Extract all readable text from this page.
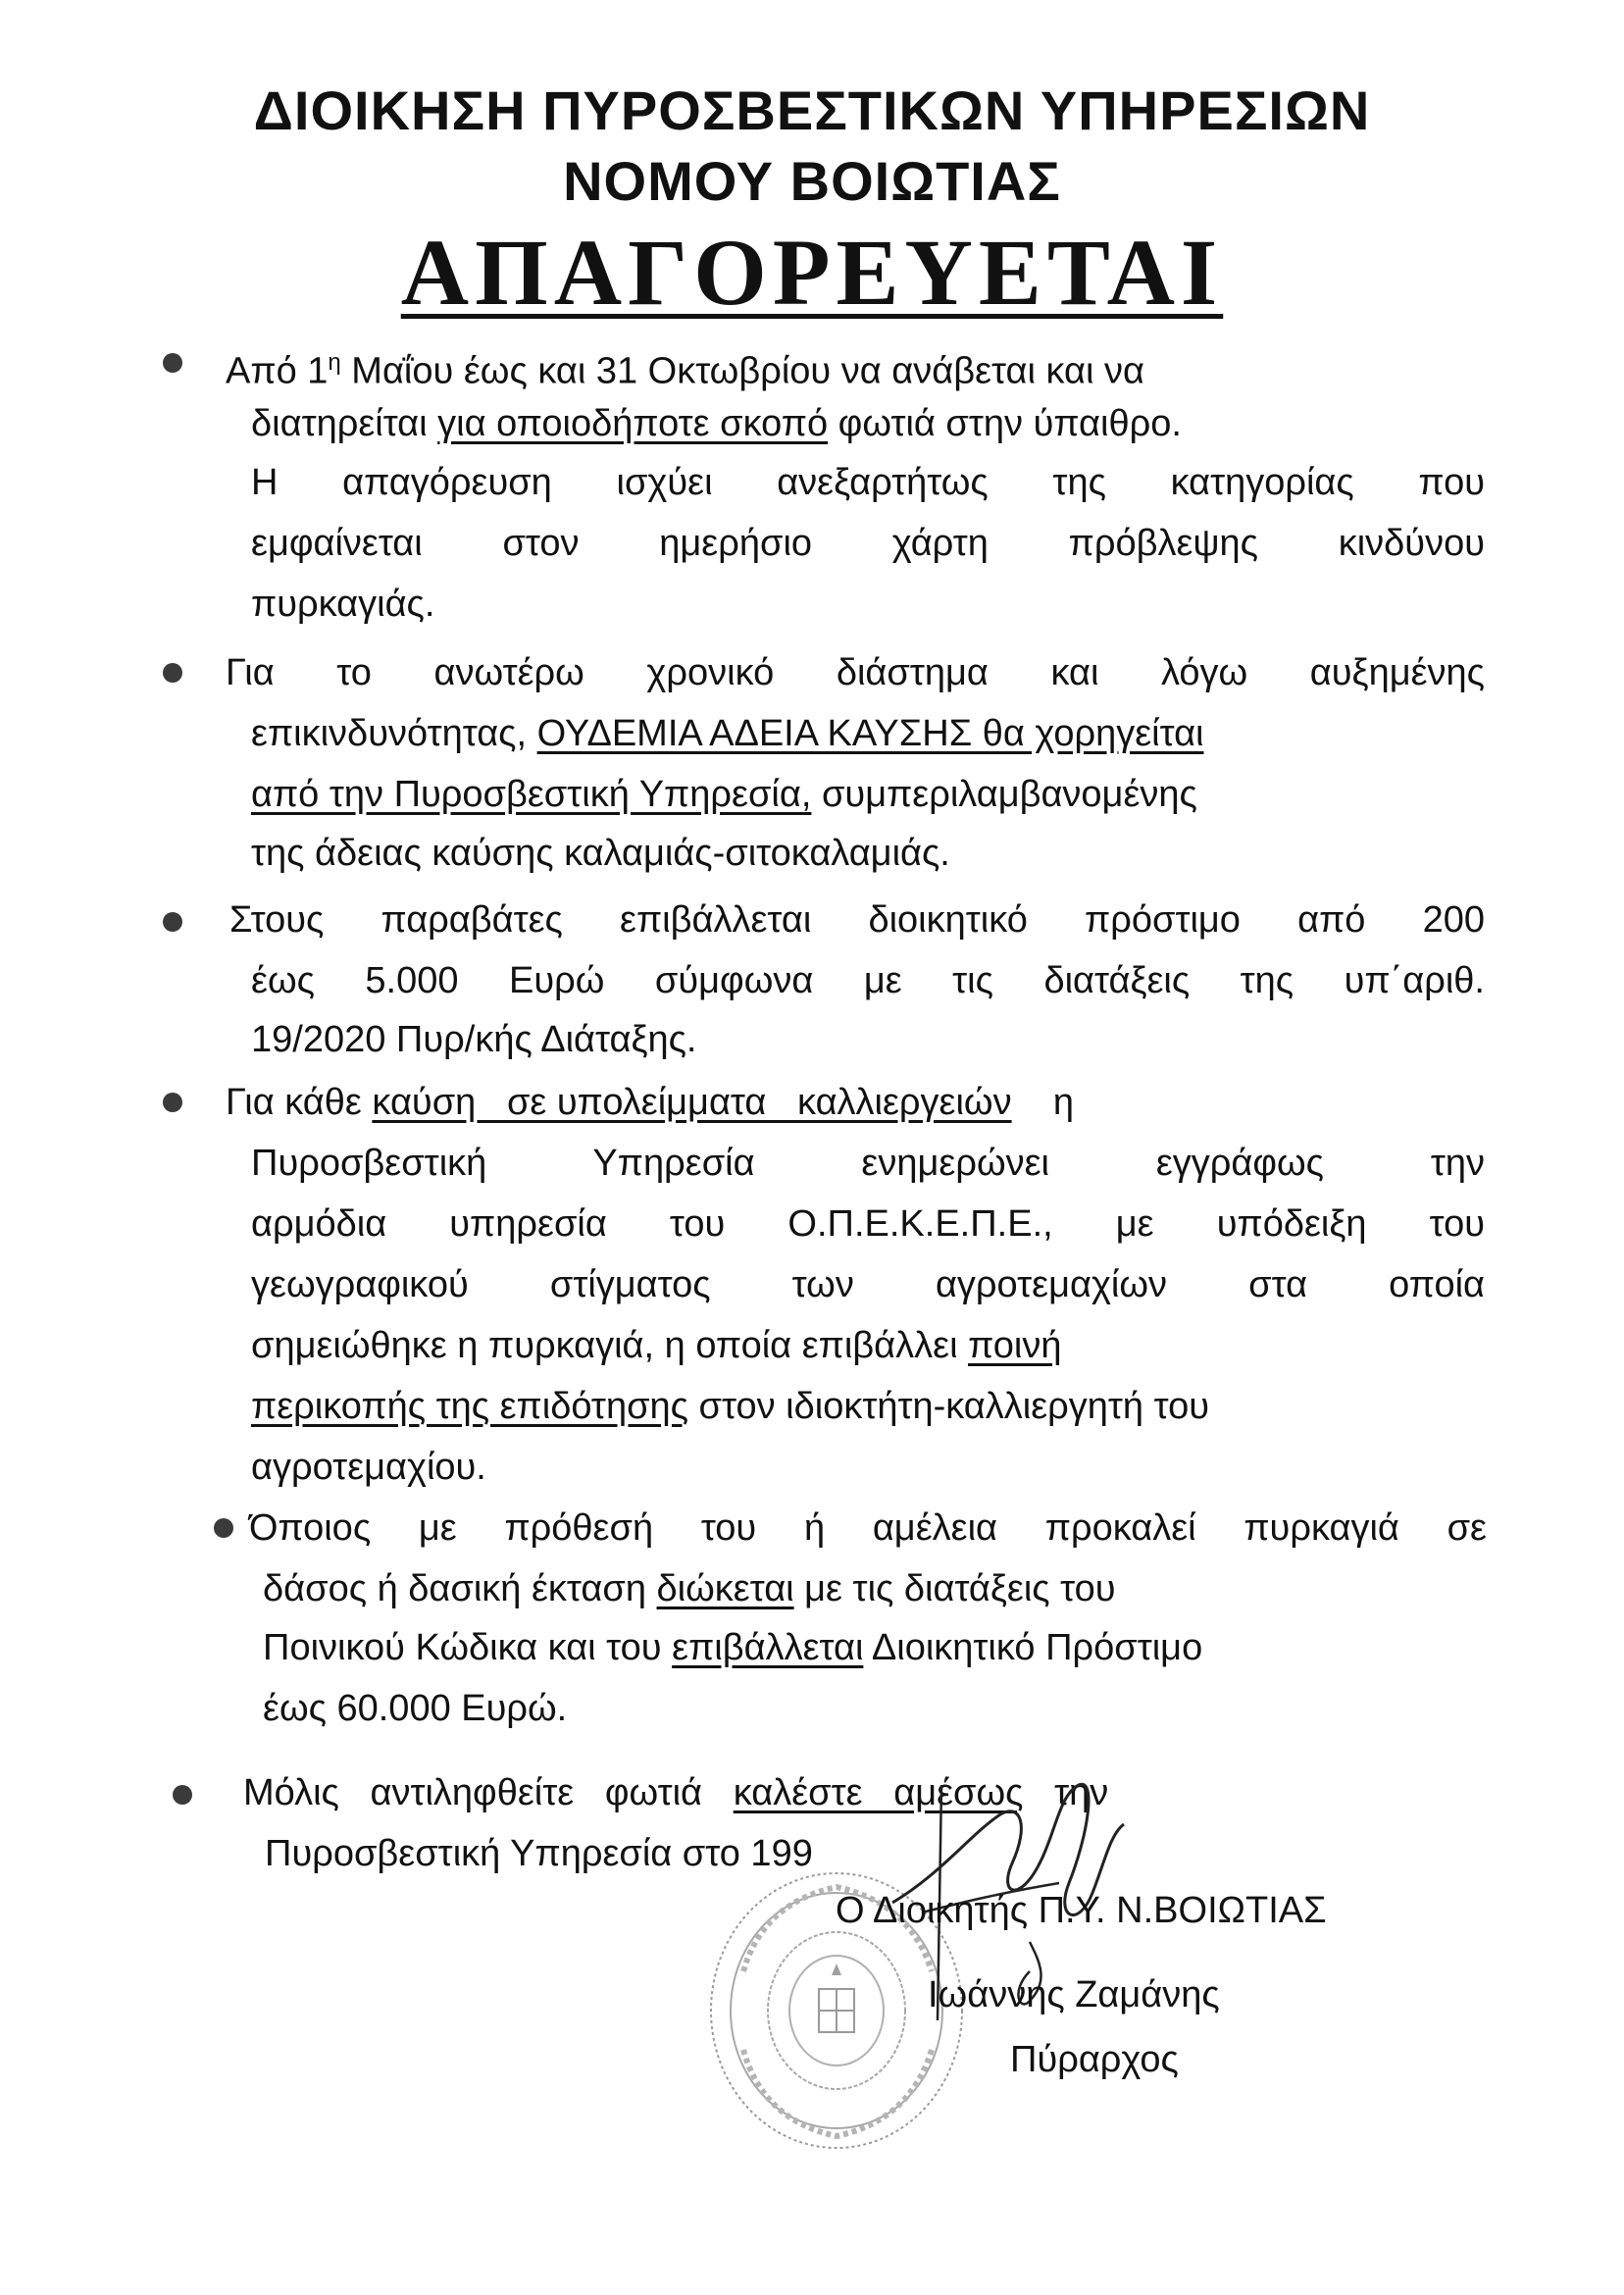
ΔΙΟΙΚΗΣΗ ΠΥΡΟΣΒΕΣΤΙΚΩΝ ΥΠΗΡΕΣΙΩΝ
ΝΟΜΟΥ ΒΟΙΩΤΙΑΣ
ΑΠΑΓΟΡΕΥΕΤΑΙ
Από $1^\eta$ Μαΐου έως και 31 Οκτωβρίου να ανάβεται και να
διατηρείται για οποιοδήποτε σκοπό φωτιά στην ύπαιθρο.
Η απαγόρευση ισχύει ανεξαρτήτως της κατηγορίας που
εμφαίνεται στον ημερήσιο χάρτη πρόβλεψης κινδύνου
πυρκαγιάς.
Για το ανωτέρω χρονικό διάστημα και λόγω αυξημένης
επικινδυνότητας, ΟΥΔΕΜΙΑ ΑΔΕΙΑ ΚΑΥΣΗΣ θα χορηγείται
από την Πυροσβεστική Υπηρεσία, συμπεριλαμβανομένης
της άδειας καύσης καλαμιάς-σιτοκαλαμιάς.
Στους παραβάτες επιβάλλεται διοικητικό πρόστιμο από 200
έως 5.000 Ευρώ σύμφωνα με τις διατάξεις της υπ΄αριθ.
19/2020 Πυρ/κής Διάταξης.
Για κάθε καύση   σε υπολείμματα   καλλιεργειών    η
Πυροσβεστική Υπηρεσία ενημερώνει εγγράφως την
αρμόδια υπηρεσία του Ο.Π.Ε.Κ.Ε.Π.Ε., με υπόδειξη του
γεωγραφικού στίγματος των αγροτεμαχίων στα οποία
σημειώθηκε η πυρκαγιά, η οποία επιβάλλει ποινή
περικοπής της επιδότησης στον ιδιοκτήτη-καλλιεργητή του
αγροτεμαχίου.
Όποιος με πρόθεσή του ή αμέλεια προκαλεί πυρκαγιά σε
δάσος ή δασική έκταση διώκεται με τις διατάξεις του
Ποινικού Κώδικα και του επιβάλλεται Διοικητικό Πρόστιμο
έως 60.000 Ευρώ.
Μόλις   αντιληφθείτε   φωτιά   καλέστε   αμέσως   την
Πυροσβεστική Υπηρεσία στο 199
Ο Διοικητής Π.Υ. Ν.ΒΟΙΩΤΙΑΣ
Ιωάννης Ζαμάνης
Πύραρχος
